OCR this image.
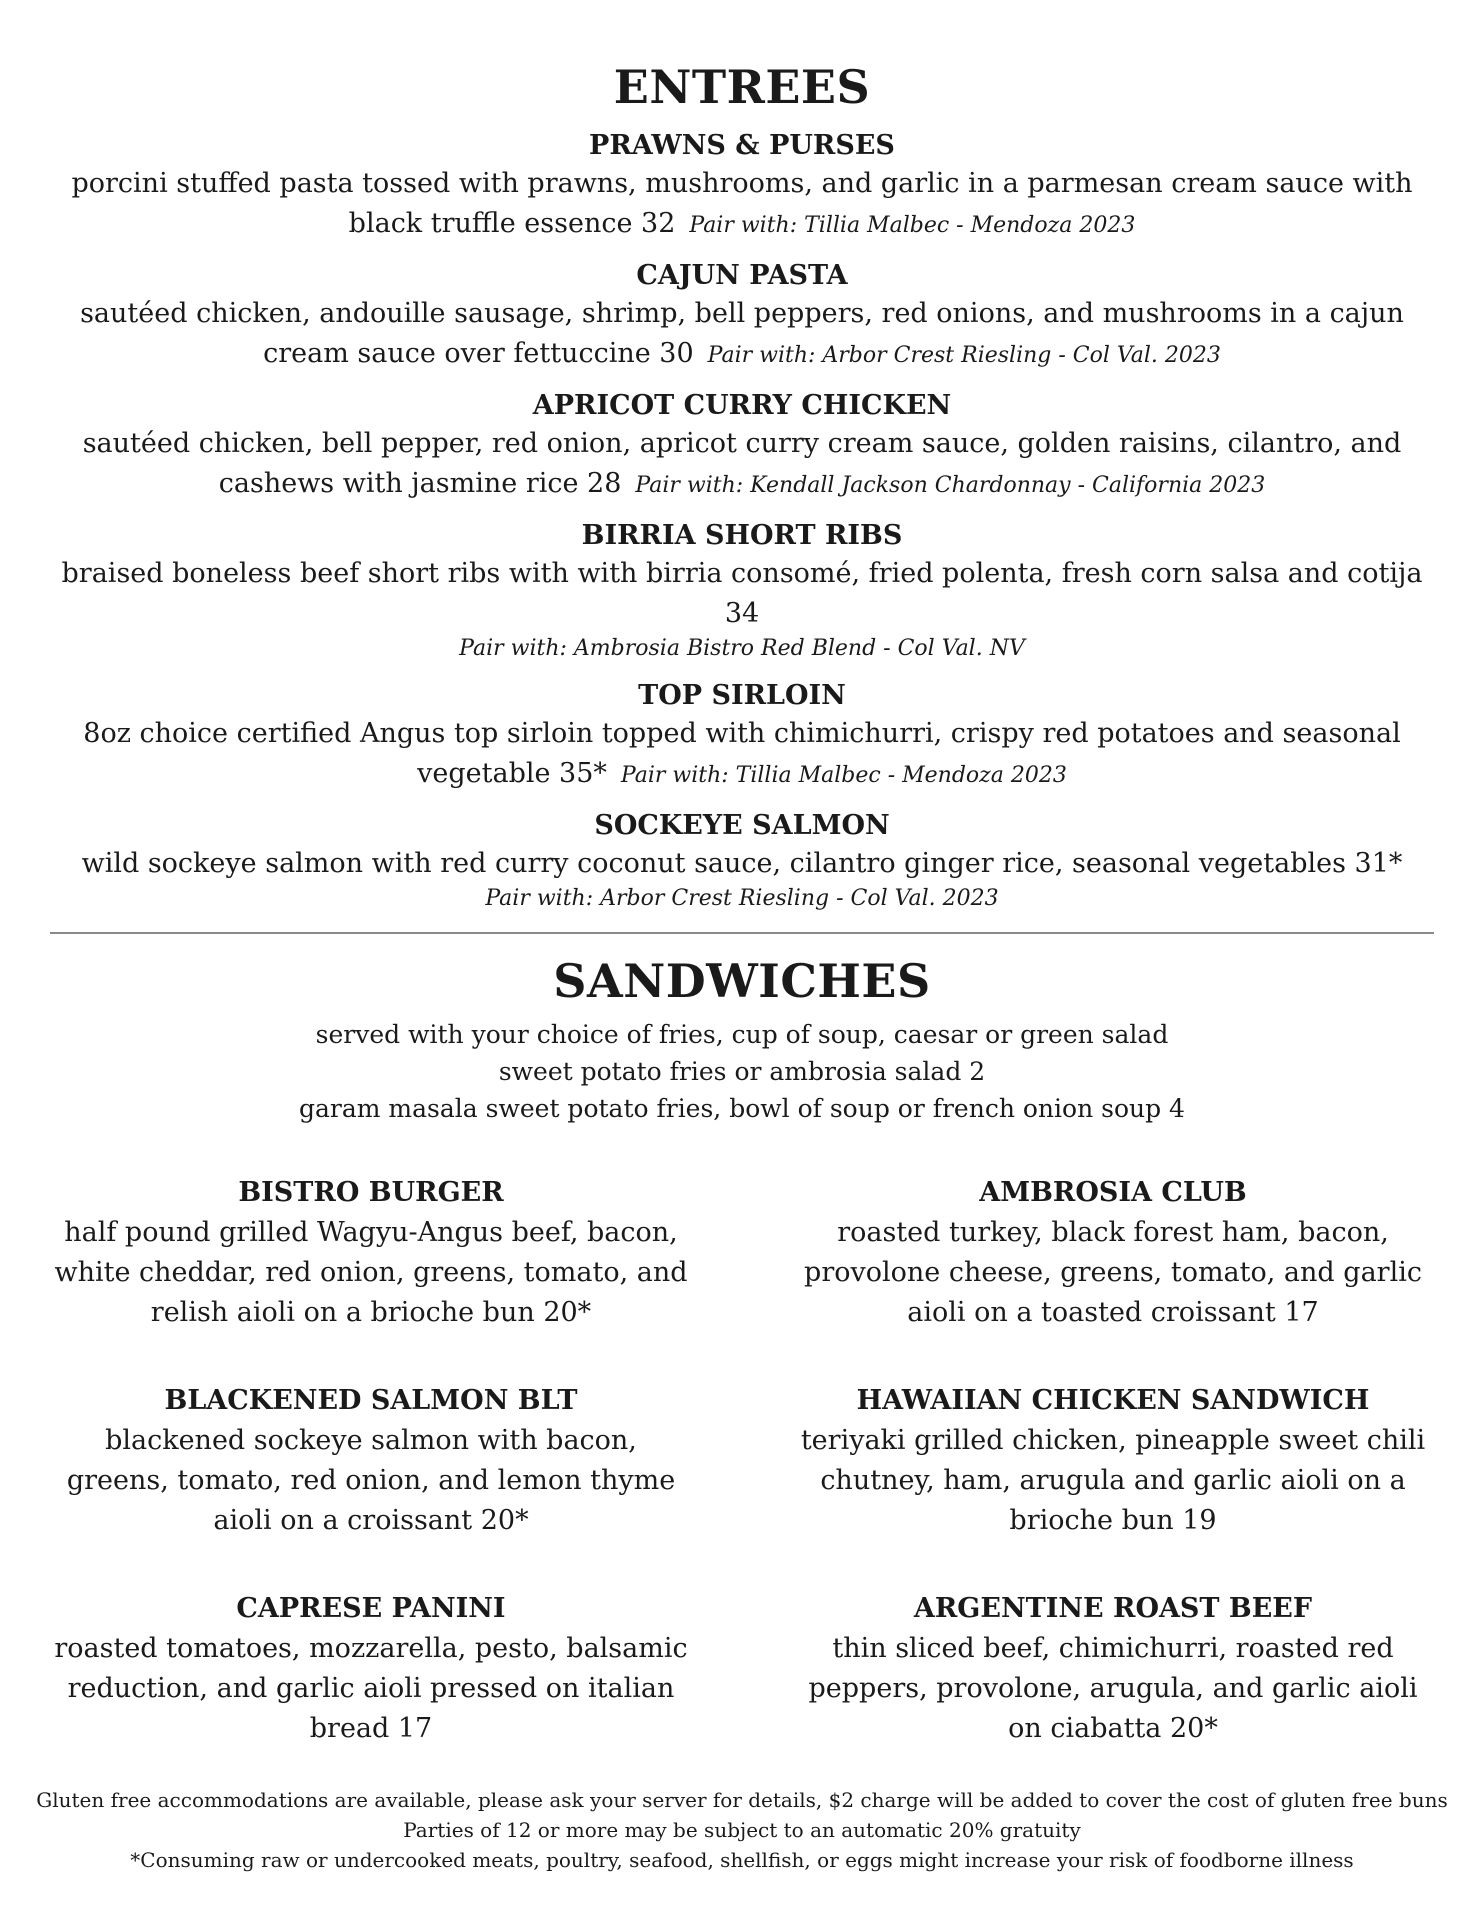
ENTREES
PRAWNS & PURSES
porcini stuffed pasta tossed with prawns, mushrooms, and garlic in a parmesan cream sauce with black truffle essence 32 Pair with: Tillia Malbec - Mendoza 2023
CAJUN PASTA
sautéed chicken, andouille sausage, shrimp, bell peppers, red onions, and mushrooms in a cajun cream sauce over fettuccine 30 Pair with: Arbor Crest Riesling - Col Val. 2023
APRICOT CURRY CHICKEN
sautéed chicken, bell pepper, red onion, apricot curry cream sauce, golden raisins, cilantro, and cashews with jasmine rice 28 Pair with: Kendall Jackson Chardonnay - California 2023
BIRRIA SHORT RIBS
braised boneless beef short ribs with with birria consomé, fried polenta, fresh corn salsa and cotija 34
Pair with: Ambrosia Bistro Red Blend - Col Val. NV
TOP SIRLOIN
8oz choice certified Angus top sirloin topped with chimichurri, crispy red potatoes and seasonal vegetable 35* Pair with: Tillia Malbec - Mendoza 2023
SOCKEYE SALMON
wild sockeye salmon with red curry coconut sauce, cilantro ginger rice, seasonal vegetables 31*
Pair with: Arbor Crest Riesling - Col Val. 2023
SANDWICHES
served with your choice of fries, cup of soup, caesar or green salad
sweet potato fries or ambrosia salad 2
garam masala sweet potato fries, bowl of soup or french onion soup 4
BISTRO BURGER
half pound grilled Wagyu-Angus beef, bacon, white cheddar, red onion, greens, tomato, and relish aioli on a brioche bun 20*
AMBROSIA CLUB
roasted turkey, black forest ham, bacon, provolone cheese, greens, tomato, and garlic aioli on a toasted croissant 17
BLACKENED SALMON BLT
blackened sockeye salmon with bacon, greens, tomato, red onion, and lemon thyme aioli on a croissant 20*
HAWAIIAN CHICKEN SANDWICH
teriyaki grilled chicken, pineapple sweet chili chutney, ham, arugula and garlic aioli on a brioche bun 19
CAPRESE PANINI
roasted tomatoes, mozzarella, pesto, balsamic reduction, and garlic aioli pressed on italian bread 17
ARGENTINE ROAST BEEF
thin sliced beef, chimichurri, roasted red peppers, provolone, arugula, and garlic aioli on ciabatta 20*
Gluten free accommodations are available, please ask your server for details, $2 charge will be added to cover the cost of gluten free buns
Parties of 12 or more may be subject to an automatic 20% gratuity
*Consuming raw or undercooked meats, poultry, seafood, shellfish, or eggs might increase your risk of foodborne illness
